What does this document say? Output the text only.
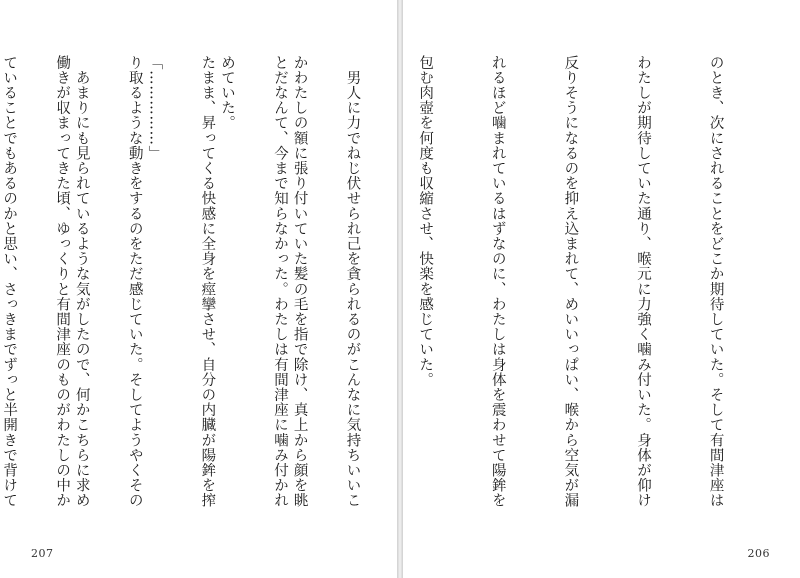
かわたしの額に張り付いていた髪の毛を指で除け、真上から顔を眺

めていた。

「……………」

　あまりにも見られているような気がしたので、何かこちらに求め

ていることでもあるのかと思い、さっきまでずっと半開きで背けて

207

のとき、次にされることをどこか期待していた。そして有間津座は

わたしが期待していた通り、喉元に力強く噛み付いた。身体が仰け

反りそうになるのを抑え込まれて、めいいっぱい、喉から空気が漏

れるほど噛まれているはずなのに、わたしは身体を震わせて陽鉾を

包む肉壺を何度も収縮させ、快楽を感じていた。

　男人に力でねじ伏せられ己を貪られるのがこんなに気持ちいいこ

とだなんて、今まで知らなかった。わたしは有間津座に噛み付かれ

たまま、昇ってくる快感に全身を痙攣させ、自分の内臓が陽鉾を搾

り取るような動きをするのをただ感じていた。そしてようやくその

働きが収まってきた頃、ゆっくりと有間津座のものがわたしの中か

206
